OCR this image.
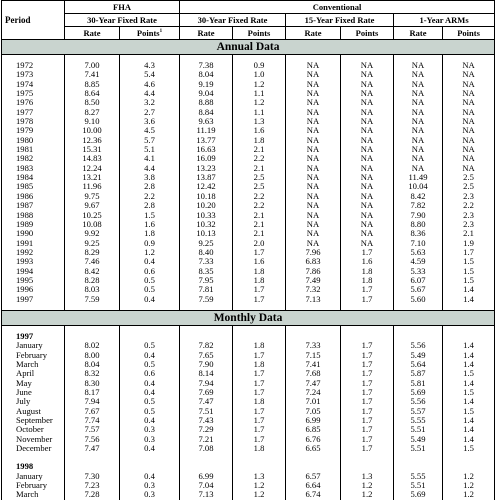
Period	FHA		Conventional					
	30-Year Fixed Rate		30-Year Fixed Rate		15-Year Fixed Rate		1-Year ARMs	
	Rate	Points$^1$	Rate	Points	Rate	Points	Rate	Points
Annual Data								

1972	7.00	4.3	7.38	0.9	NA	NA	NA	NA
1973	7.41	5.4	8.04	1.0	NA	NA	NA	NA
1974	8.85	4.6	9.19	1.2	NA	NA	NA	NA
1975	8.64	4.4	9.04	1.1	NA	NA	NA	NA
1976	8.50	3.2	8.88	1.2	NA	NA	NA	NA
1977	8.27	2.7	8.84	1.1	NA	NA	NA	NA
1978	9.10	3.6	9.63	1.3	NA	NA	NA	NA
1979	10.00	4.5	11.19	1.6	NA	NA	NA	NA
1980	12.36	5.7	13.77	1.8	NA	NA	NA	NA
1981	15.31	5.1	16.63	2.1	NA	NA	NA	NA
1982	14.83	4.1	16.09	2.2	NA	NA	NA	NA
1983	12.24	4.4	13.23	2.1	NA	NA	NA	NA
1984	13.21	3.8	13.87	2.5	NA	NA	11.49	2.5
1985	11.96	2.8	12.42	2.5	NA	NA	10.04	2.5
1986	9.75	2.2	10.18	2.2	NA	NA	8.42	2.3
1987	9.67	2.8	10.20	2.2	NA	NA	7.82	2.2
1988	10.25	1.5	10.33	2.1	NA	NA	7.90	2.3
1989	10.08	1.6	10.32	2.1	NA	NA	8.80	2.3
1990	9.92	1.8	10.13	2.1	NA	NA	8.36	2.1
1991	9.25	0.9	9.25	2.0	NA	NA	7.10	1.9
1992	8.29	1.2	8.40	1.7	7.96	1.7	5.63	1.7
1993	7.46	0.4	7.33	1.6	6.83	1.6	4.59	1.5
1994	8.42	0.6	8.35	1.8	7.86	1.8	5.33	1.5
1995	8.28	0.5	7.95	1.8	7.49	1.8	6.07	1.5
1996	8.03	0.5	7.81	1.7	7.32	1.7	5.67	1.4
1997	7.59	0.4	7.59	1.7	7.13	1.7	5.60	1.4

Monthly Data								

1997								
January	8.02	0.5	7.82	1.8	7.33	1.7	5.56	1.4
February	8.00	0.4	7.65	1.7	7.15	1.7	5.49	1.4
March	8.04	0.5	7.90	1.8	7.41	1.7	5.64	1.4
April	8.32	0.6	8.14	1.7	7.68	1.7	5.87	1.5
May	8.30	0.4	7.94	1.7	7.47	1.7	5.81	1.4
June	8.17	0.4	7.69	1.7	7.24	1.7	5.69	1.5
July	7.94	0.5	7.47	1.8	7.01	1.7	5.56	1.4
August	7.67	0.5	7.51	1.7	7.05	1.7	5.57	1.5
September	7.74	0.4	7.43	1.7	6.99	1.7	5.55	1.4
October	7.57	0.3	7.29	1.7	6.85	1.7	5.51	1.4
November	7.56	0.3	7.21	1.7	6.76	1.7	5.49	1.4
December	7.47	0.4	7.08	1.8	6.65	1.7	5.51	1.5

1998								
January	7.30	0.4	6.99	1.3	6.57	1.3	5.55	1.2
February	7.23	0.3	7.04	1.2	6.64	1.2	5.51	1.2
March	7.28	0.3	7.13	1.2	6.74	1.2	5.69	1.2
